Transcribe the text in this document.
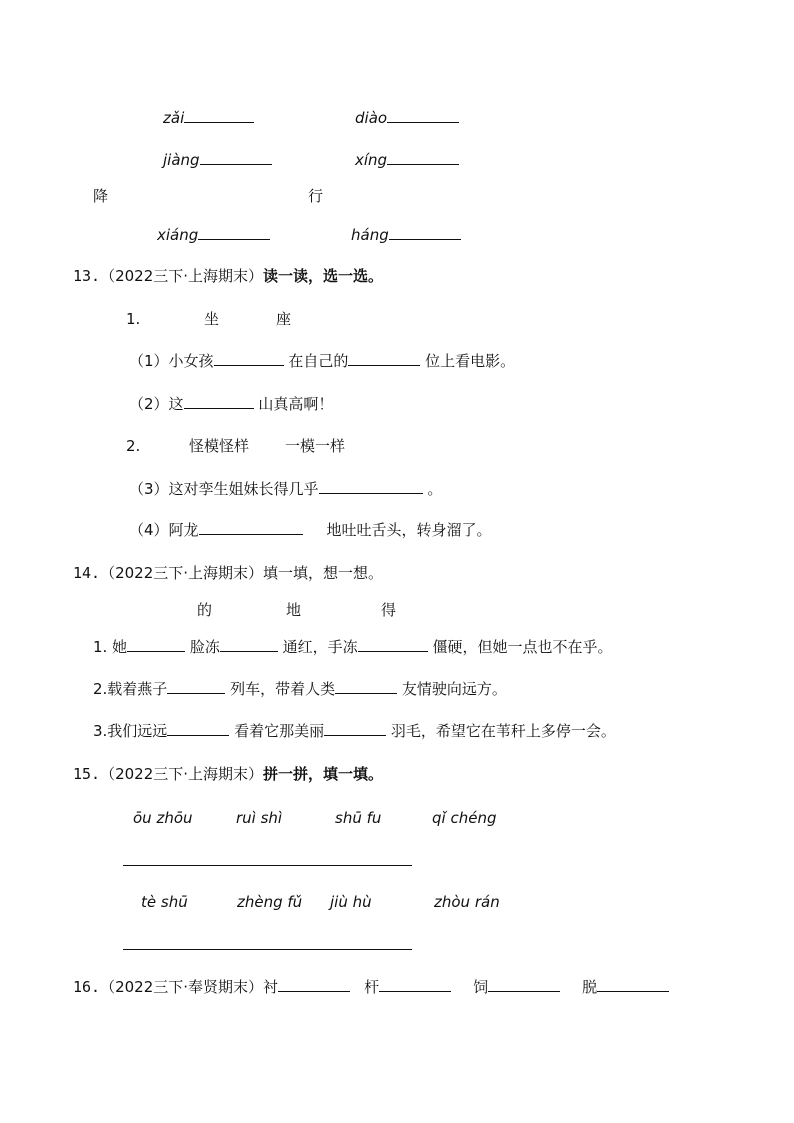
zǎi	diào
jiàng	xíng
降	行
xiáng	háng
13.（2022三下·上海期末）读一读，选一选。
1.	坐	座
（1）小女孩	在自己的	位上看电影。
（2）这	山真高啊！
2.	怪模怪样 一模一样
（3）这对孪生姐妹长得几乎	。
（4）阿龙	地吐吐舌头，转身溜了。
14.（2022三下·上海期末）填一填，想一想。
的	地	得
1. 她	脸冻	通红，手冻	僵硬，但她一点也不在乎。
2.载着燕子	列车，带着人类	友情驶向远方。
3.我们远远	看着它那美丽	羽毛，希望它在苇秆上多停一会。
15.（2022三下·上海期末）拼一拼，填一填。
ōu zhōu	ruì shì	shū fu	qǐ chéng
tè shū	zhèng fǔ jiù hù	zhòu rán
16.（2022三下·奉贤期末）衬	杆	饲	脱
